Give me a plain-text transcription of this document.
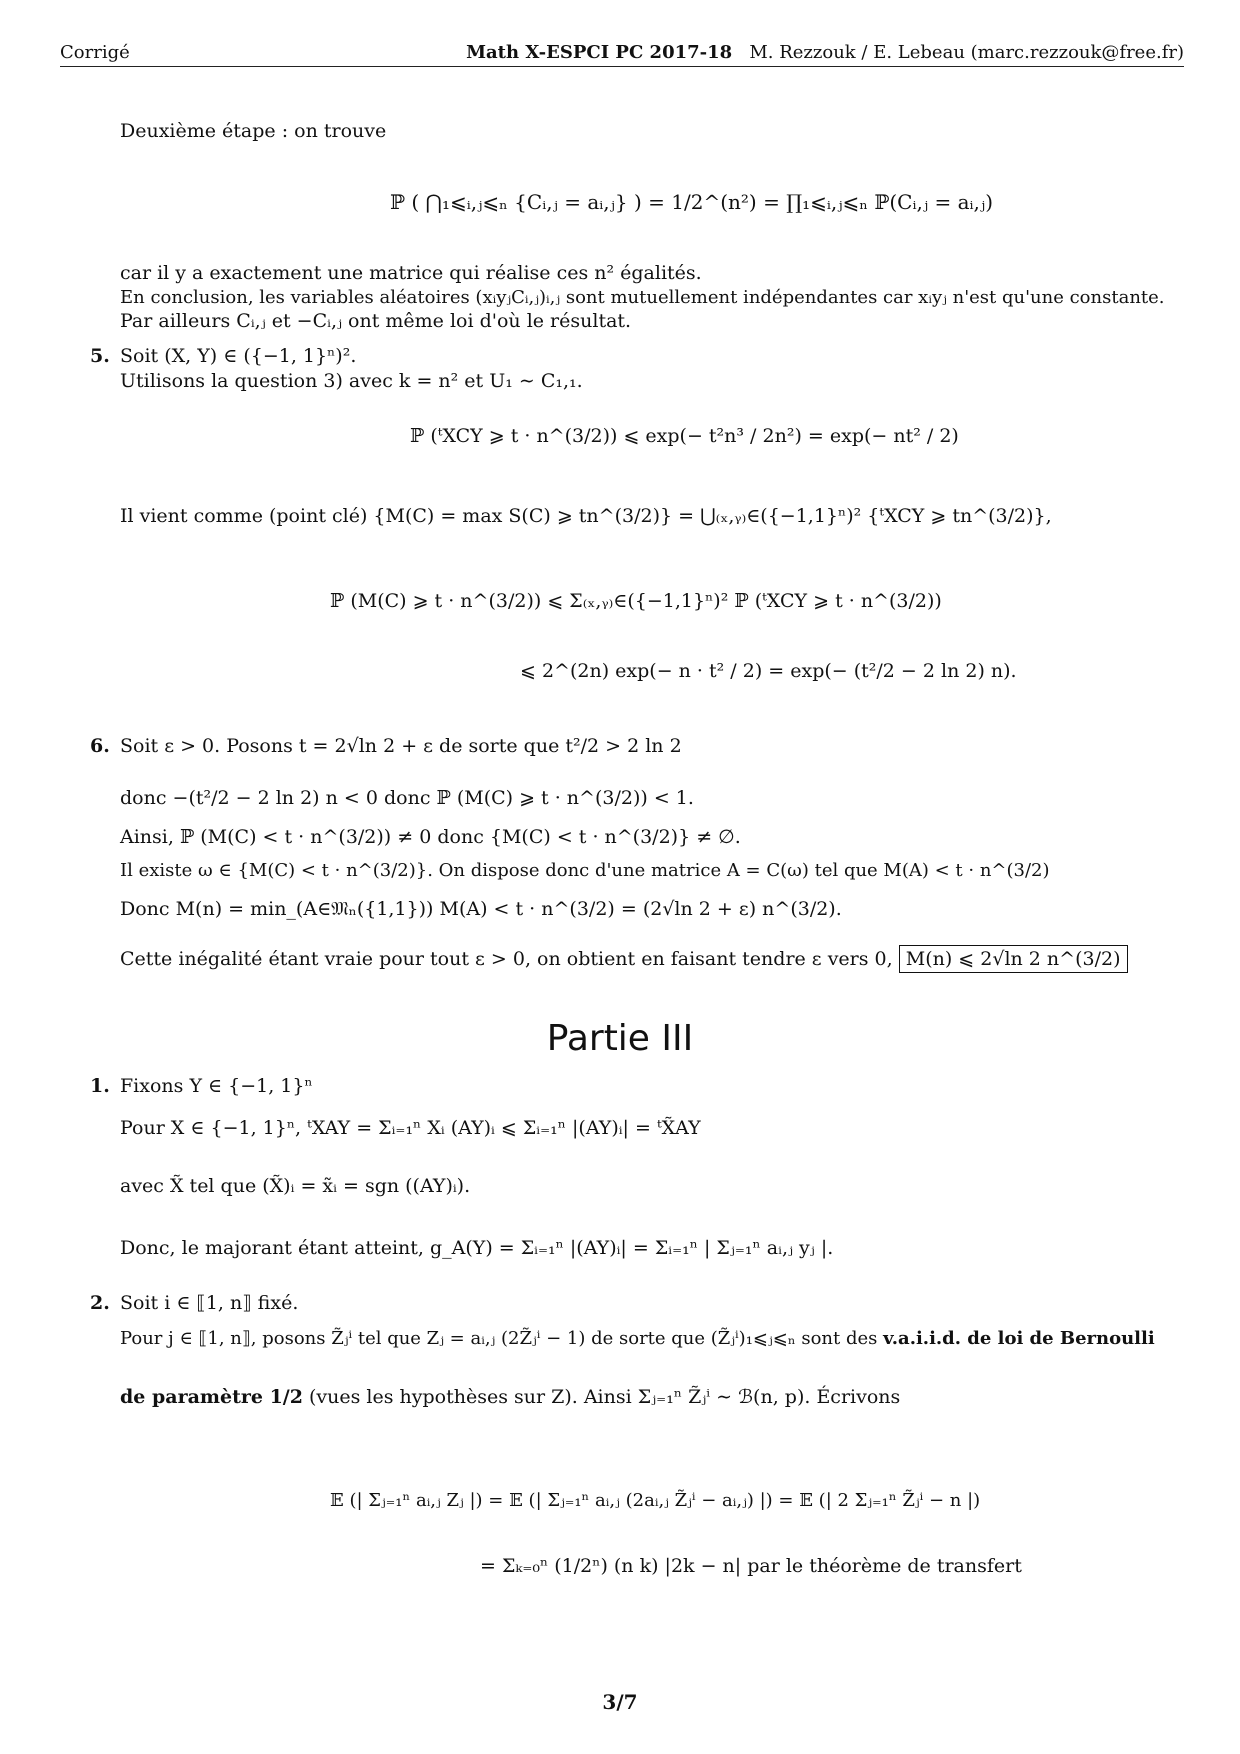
Corrigé	Math X-ESPCI PC 2017-18 M. Rezzouk / E. Lebeau (marc.rezzouk@free.fr)
Deuxième étape : on trouve
ℙ ( ⋂₁⩽ᵢ,ⱼ⩽ₙ {Cᵢ,ⱼ = aᵢ,ⱼ} ) = 1/2^(n²) = ∏₁⩽ᵢ,ⱼ⩽ₙ ℙ(Cᵢ,ⱼ = aᵢ,ⱼ)
car il y a exactement une matrice qui réalise ces n² égalités.
En conclusion, les variables aléatoires (xᵢyⱼCᵢ,ⱼ)ᵢ,ⱼ sont mutuellement indépendantes car xᵢyⱼ n'est qu'une constante.
Par ailleurs Cᵢ,ⱼ et −Cᵢ,ⱼ ont même loi d'où le résultat.
5. Soit (X, Y) ∈ ({−1, 1}ⁿ)².
Utilisons la question 3) avec k = n² et U₁ ∼ C₁,₁.
ℙ (ᵗXCY ⩾ t · n^(3/2)) ⩽ exp(− t²n³ / 2n²) = exp(− nt² / 2)
Il vient comme (point clé) {M(C) = max S(C) ⩾ tn^(3/2)} = ⋃₍ₓ,ᵧ₎∈({−1,1}ⁿ)² {ᵗXCY ⩾ tn^(3/2)},
ℙ (M(C) ⩾ t · n^(3/2)) ⩽ Σ₍ₓ,ᵧ₎∈({−1,1}ⁿ)² ℙ (ᵗXCY ⩾ t · n^(3/2))
⩽ 2^(2n) exp(− n · t² / 2) = exp(− (t²/2 − 2 ln 2) n).
6. Soit ε > 0. Posons t = 2√ln 2 + ε de sorte que t²/2 > 2 ln 2
donc −(t²/2 − 2 ln 2) n < 0 donc ℙ (M(C) ⩾ t · n^(3/2)) < 1.
Ainsi, ℙ (M(C) < t · n^(3/2)) ≠ 0 donc {M(C) < t · n^(3/2)} ≠ ∅.
Il existe ω ∈ {M(C) < t · n^(3/2)}. On dispose donc d'une matrice A = C(ω) tel que M(A) < t · n^(3/2)
Donc M(n) = min_(A∈𝔐ₙ({1,1})) M(A) < t · n^(3/2) = (2√ln 2 + ε) n^(3/2).
Cette inégalité étant vraie pour tout ε > 0, on obtient en faisant tendre ε vers 0, M(n) ⩽ 2√ln 2 n^(3/2)
Partie III
1. Fixons Y ∈ {−1, 1}ⁿ
Pour X ∈ {−1, 1}ⁿ, ᵗXAY = Σᵢ₌₁ⁿ Xᵢ (AY)ᵢ ⩽ Σᵢ₌₁ⁿ |(AY)ᵢ| = ᵗX̃AY
avec X̃ tel que (X̃)ᵢ = x̃ᵢ = sgn ((AY)ᵢ).
Donc, le majorant étant atteint, g_A(Y) = Σᵢ₌₁ⁿ |(AY)ᵢ| = Σᵢ₌₁ⁿ | Σⱼ₌₁ⁿ aᵢ,ⱼ yⱼ |.
2. Soit i ∈ ⟦1, n⟧ fixé.
Pour j ∈ ⟦1, n⟧, posons Z̃ⱼⁱ tel que Zⱼ = aᵢ,ⱼ (2Z̃ⱼⁱ − 1) de sorte que (Z̃ⱼⁱ)₁⩽ⱼ⩽ₙ sont des v.a.i.i.d. de loi de Bernoulli
de paramètre 1/2 (vues les hypothèses sur Z). Ainsi Σⱼ₌₁ⁿ Z̃ⱼⁱ ∼ ℬ(n, p). Écrivons
𝔼 (| Σⱼ₌₁ⁿ aᵢ,ⱼ Zⱼ |) = 𝔼 (| Σⱼ₌₁ⁿ aᵢ,ⱼ (2aᵢ,ⱼ Z̃ⱼⁱ − aᵢ,ⱼ) |) = 𝔼 (| 2 Σⱼ₌₁ⁿ Z̃ⱼⁱ − n |)
= Σₖ₌₀ⁿ (1/2ⁿ) (n k) |2k − n| par le théorème de transfert
3/7
